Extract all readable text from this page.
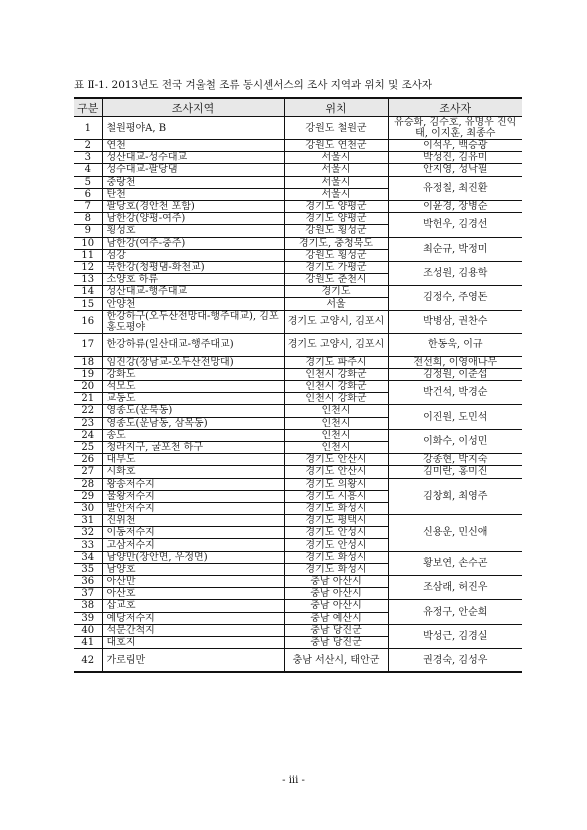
표 Ⅱ-1. 2013년도 전국 겨울철 조류 동시센서스의 조사 지역과 위치 및 조사자
구분	조사지역	위치	조사자
1	철원평야A, B	강원도 철원군	유승화, 김수호, 유명우 진익태, 이지훈, 최종수
2	연천	강원도 연천군	이석우, 백승광
3	성산대교-성수대교	서울시	박성진, 김유미
4	성수대교-팔당댐	서울시	안지영, 성낙필
5	중랑천	서울시	유정칠, 최진환
6	탄천	서울시	
7	팔당호(경안천 포함)	경기도 양평군	이윤경, 장병순
8	남한강(양평-여주)	경기도 양평군	박헌우, 김경선
9	횡성호	강원도 횡성군	
10	남한강(여주-충주)	경기도, 충청북도	최순규, 박정미
11	섬강	강원도 횡성군	
12	북한강(청평댐-화천교)	경기도 가평군	조성원, 김용학
13	소양호 하류	강원도 춘천시	
14	성산대교-행주대교	경기도	김정수, 주영돈
15	안양천	서울	
16	한강하구(오두산전망대-행주대교), 김포홍도평야	경기도 고양시, 김포시	박병삼, 권찬수
17	한강하류(일산대교-행주대교)	경기도 고양시, 김포시	한동욱, 이규
18	임진강(장남교-오두산전망대)	경기도 파주시	전선희, 이영애나무
19	강화도	인천시 강화군	김정원, 이준섭
20	석모도	인천시 강화군	박건석, 박경순
21	교동도	인천시 강화군	
22	영종도(운북동)	인천시	이진원, 도민석
23	영종도(운남동, 삼목동)	인천시	
24	송도	인천시	이화수, 이성민
25	청라지구, 굴포천 하구	인천시	
26	대부도	경기도 안산시	강종현, 박지숙
27	시화호	경기도 안산시	김미란, 홍미진
28	왕송저수지	경기도 의왕시	김창회, 최영주
29	물왕저수지	경기도 시흥시	
30	발안저수지	경기도 화성시	
31	진위천	경기도 평택시	신용운, 민신애
32	이동저수지	경기도 안성시	
33	고삼저수지	경기도 안성시	
34	남양만(장안면, 우정면)	경기도 화성시	황보연, 손수곤
35	남양호	경기도 화성시	
36	아산만	충남 아산시	조삼래, 허진우
37	아산호	충남 아산시	
38	삽교호	충남 아산시	유정구, 안순희
39	예당저수지	충남 예산시	
40	석문간척지	충남 당진군	박성근, 김경실
41	대호지	충남 당진군	
42	가로림만	충남 서산시, 태안군	권경숙, 김성우
- iii -
